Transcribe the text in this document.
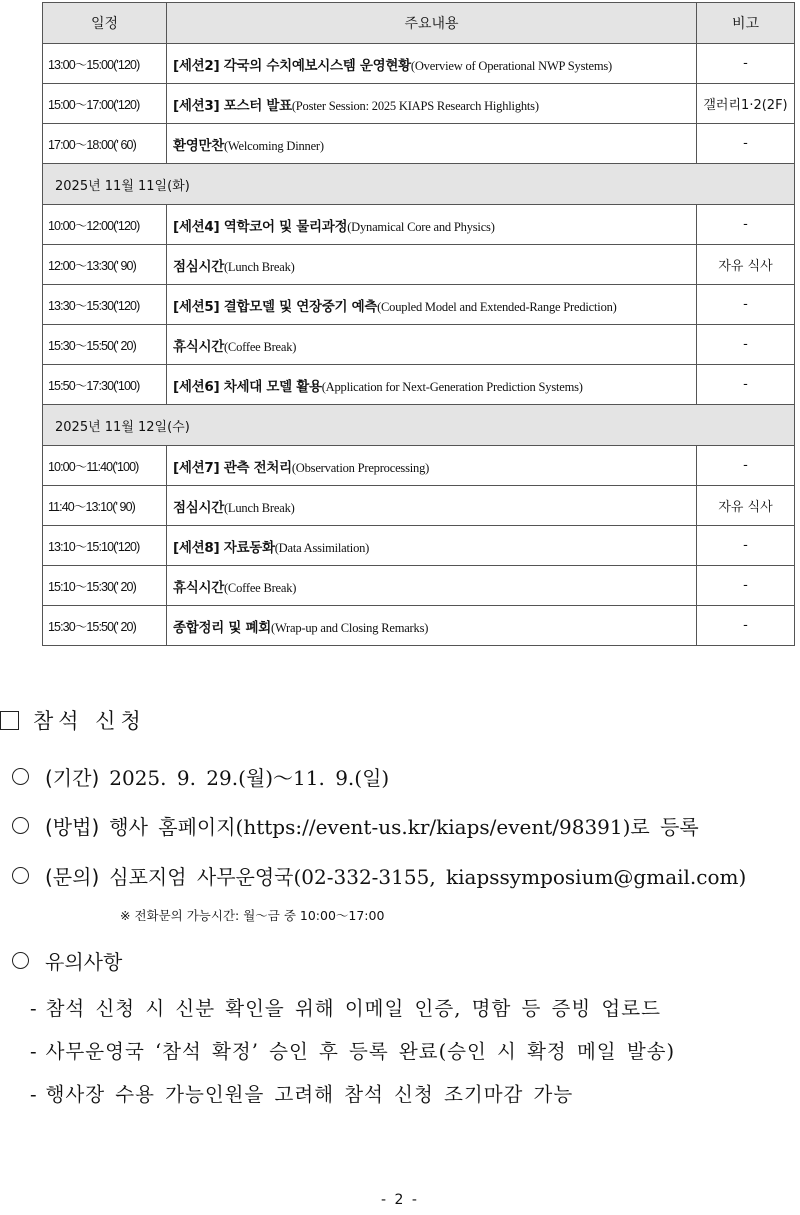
일정	주요내용	비고
13:00～15:00('120)	[세션2] 각국의 수치예보시스템 운영현황(Overview of Operational NWP Systems)	-
15:00～17:00('120)	[세션3] 포스터 발표(Poster Session: 2025 KIAPS Research Highlights)	갤러리1·2(2F)
17:00～18:00(' 60)	환영만찬(Welcoming Dinner)	-
2025년 11월 11일(화)		
10:00～12:00('120)	[세션4] 역학코어 및 물리과정(Dynamical Core and Physics)	-
12:00～13:30(' 90)	점심시간(Lunch Break)	자유 식사
13:30～15:30('120)	[세션5] 결합모델 및 연장중기 예측(Coupled Model and Extended-Range Prediction)	-
15:30～15:50(' 20)	휴식시간(Coffee Break)	-
15:50～17:30('100)	[세션6] 차세대 모델 활용(Application for Next-Generation Prediction Systems)	-
2025년 11월 12일(수)		
10:00～11:40('100)	[세션7] 관측 전처리(Observation Preprocessing)	-
11:40～13:10(' 90)	점심시간(Lunch Break)	자유 식사
13:10～15:10('120)	[세션8] 자료동화(Data Assimilation)	-
15:10～15:30(' 20)	휴식시간(Coffee Break)	-
15:30～15:50(' 20)	종합정리 및 폐회(Wrap-up and Closing Remarks)	-
참석 신청
(기간) 2025. 9. 29.(월)～11. 9.(일)
(방법) 행사 홈페이지(https://event-us.kr/kiaps/event/98391)로 등록
(문의) 심포지엄 사무운영국(02-332-3155, kiapssymposium@gmail.com)
※ 전화문의 가능시간: 월～금 중 10:00～17:00
유의사항
- 참석 신청 시 신분 확인을 위해 이메일 인증, 명함 등 증빙 업로드
- 사무운영국 ‘참석 확정’ 승인 후 등록 완료(승인 시 확정 메일 발송)
- 행사장 수용 가능인원을 고려해 참석 신청 조기마감 가능
- 2 -
